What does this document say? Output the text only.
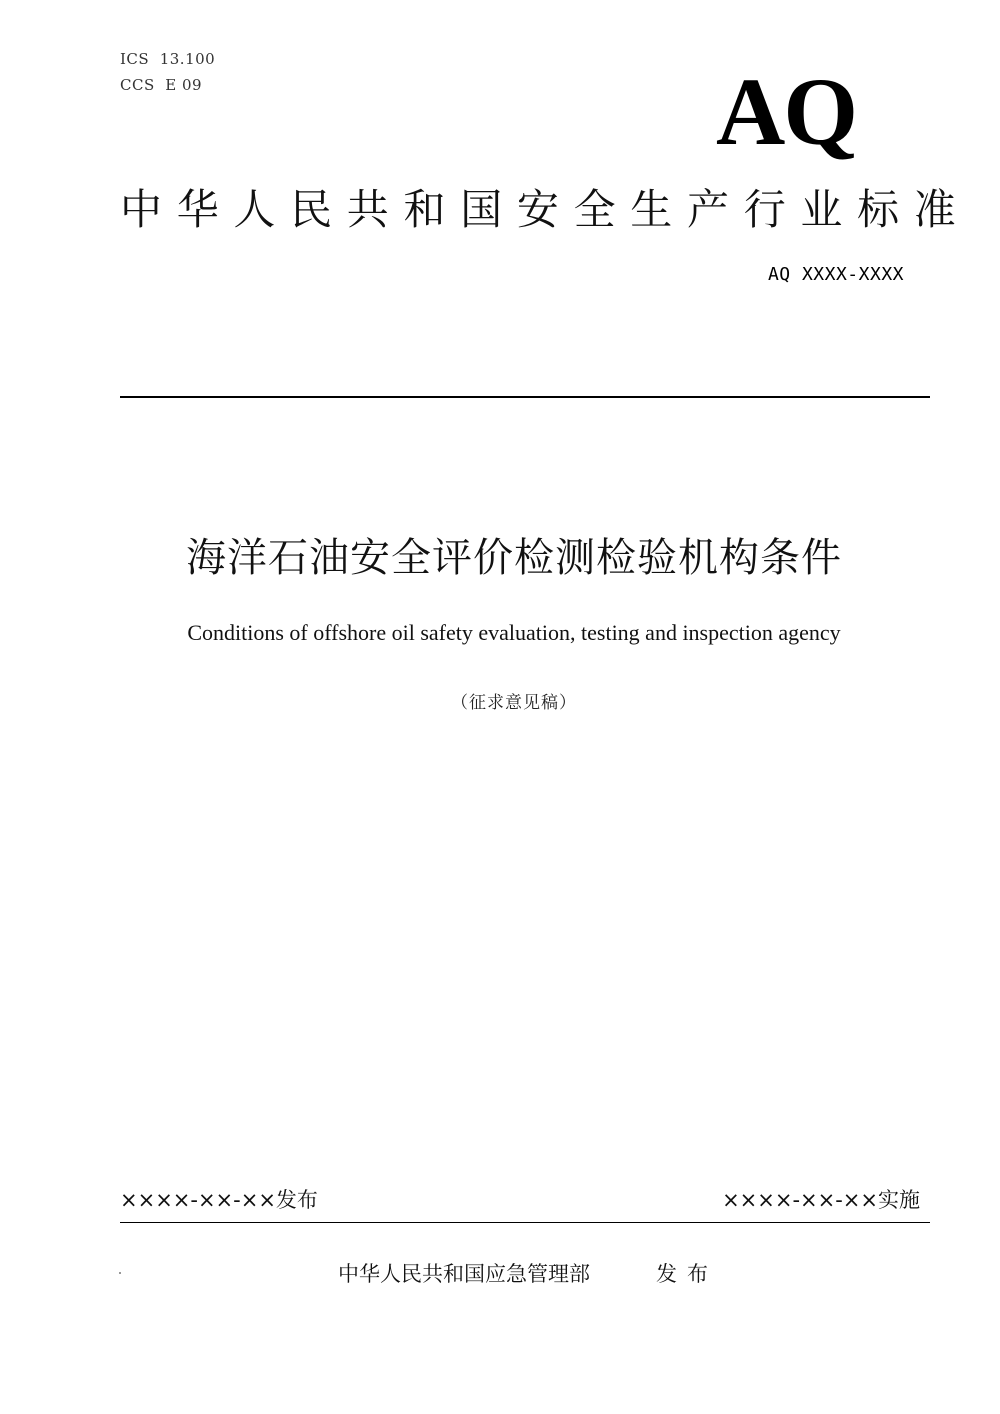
ICS  13.100
CCS  E 09	AQ
中华人民共和国安全生产行业标准
AQ XXXX-XXXX
海洋石油安全评价检测检验机构条件
Conditions of offshore oil safety evaluation, testing and inspection agency
（征求意见稿）
××××-××-××发布	××××-××-××实施
中华人民共和国应急管理部	发布
